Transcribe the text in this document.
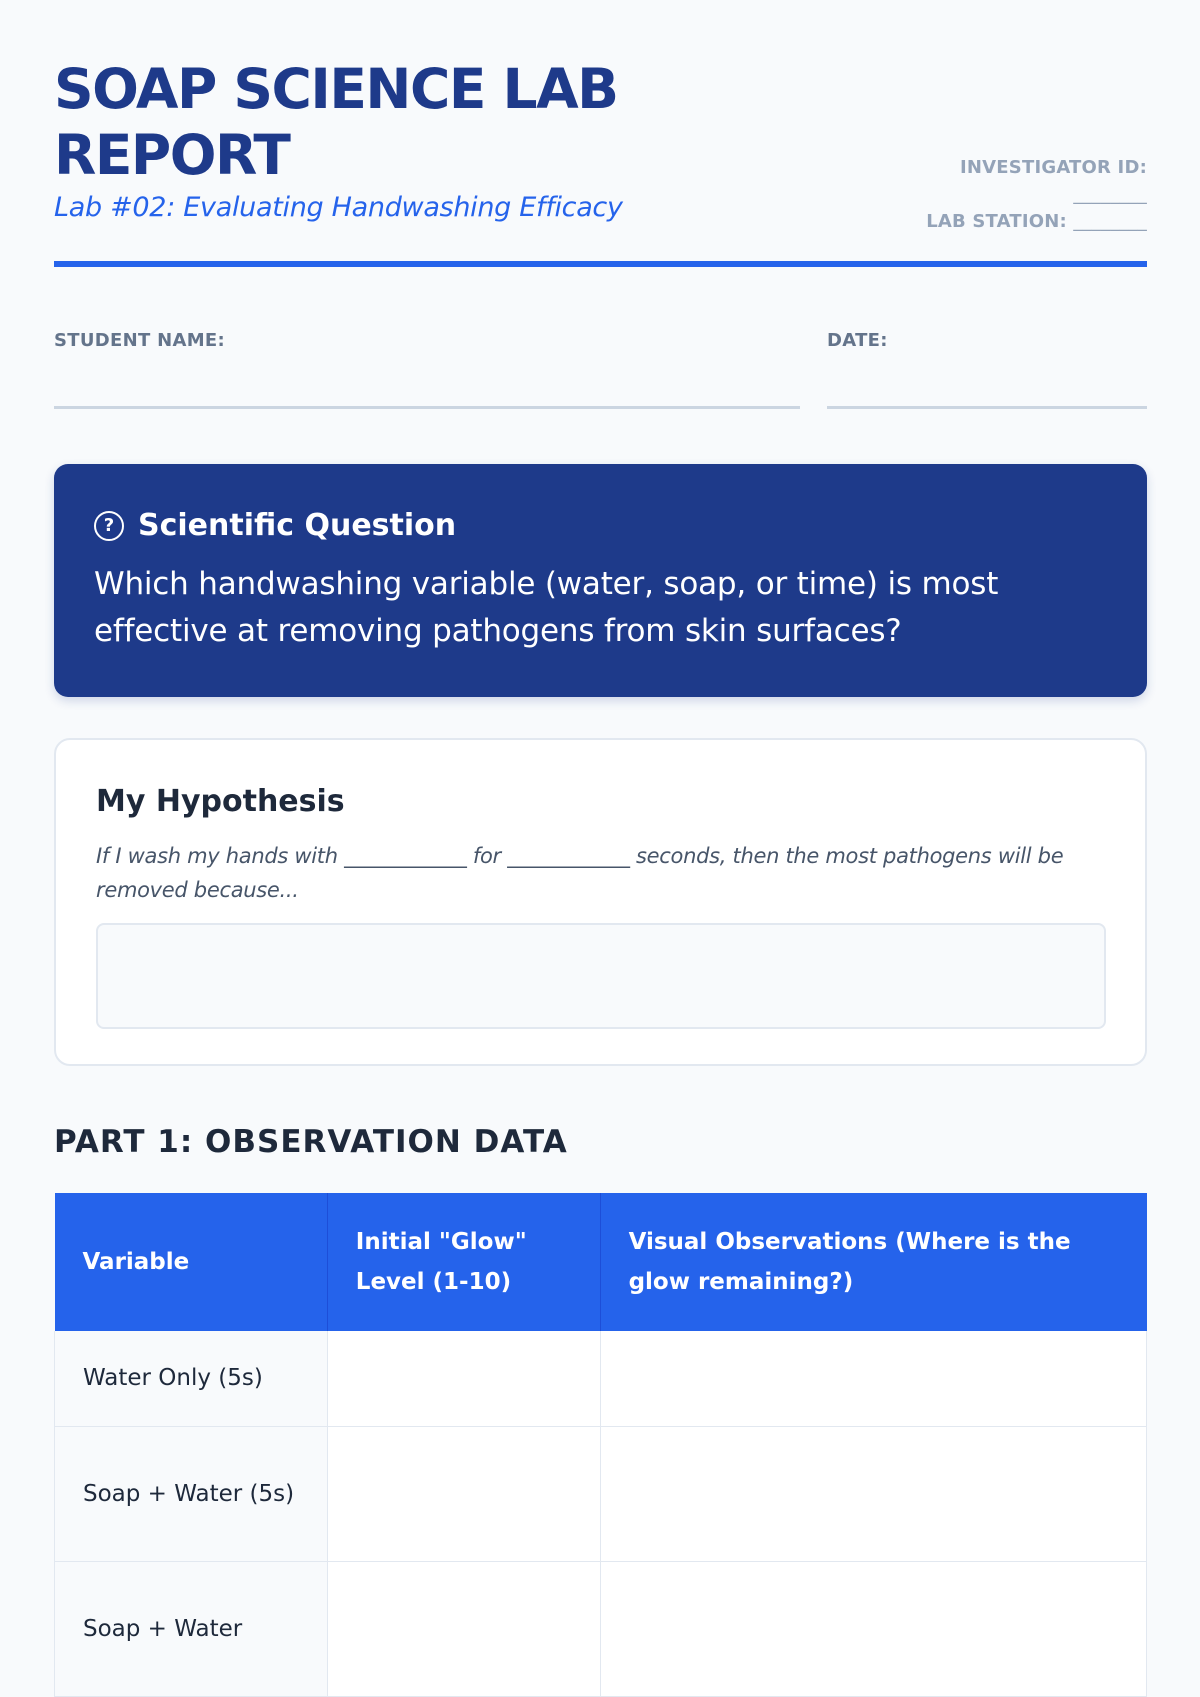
SOAP SCIENCE LAB
REPORT
Lab #02: Evaluating Handwashing Efficacy
INVESTIGATOR ID:
________
LAB STATION: ________
STUDENT NAME:	DATE:
? Scientific Question
Which handwashing variable (water, soap, or time) is most effective at removing pathogens from skin surfaces?
My Hypothesis
If I wash my hands with ____________ for ____________ seconds, then the most pathogens will be removed because...
PART 1: OBSERVATION DATA
Variable	Initial "Glow" Level (1-10)	Visual Observations (Where is the glow remaining?)
Water Only (5s)		
Soap + Water (5s)		
Soap + Water		
